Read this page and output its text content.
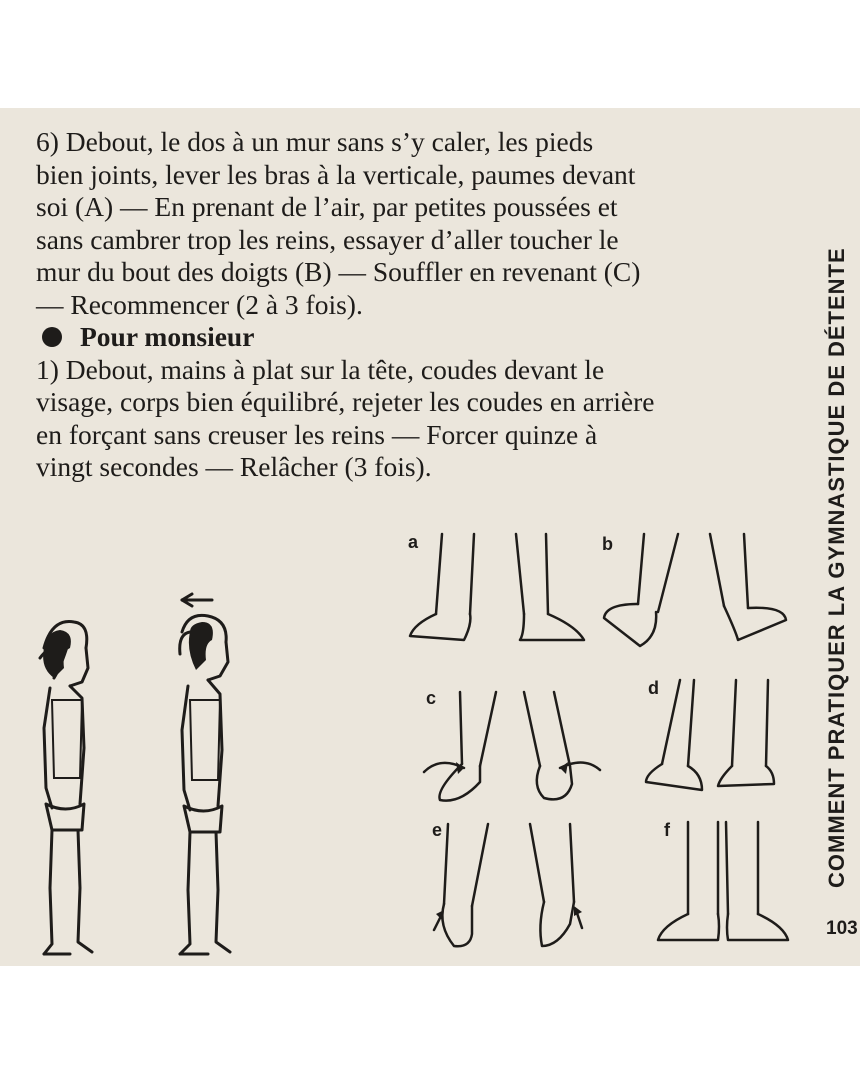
6) Debout, le dos à un mur sans s’y caler, les pieds

bien joints, lever les bras à la verticale, paumes devant

soi (A) — En prenant de l’air, par petites poussées et

sans cambrer trop les reins, essayer d’aller toucher le

mur du bout des doigts (B) — Souffler en revenant (C)

— Recommencer (2 à 3 fois).

Pour monsieur

1) Debout, mains à plat sur la tête, coudes devant le

visage, corps bien équilibré, rejeter les coudes en arrière

en forçant sans creuser les reins — Forcer quinze à

vingt secondes — Relâcher (3 fois).	COMMENT PRATIQUER LA GYMNASTIQUE DE DÉTENTE
103
a	b
c	d
e	f
